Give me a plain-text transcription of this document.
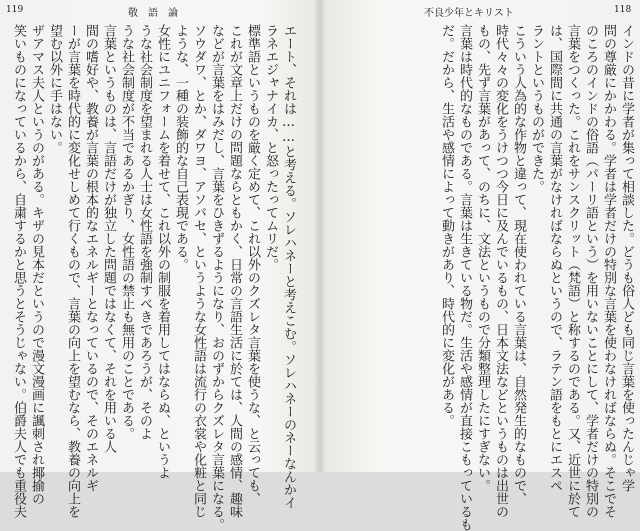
119	敬　語　論
エート、それは……と考える。ソレハネーと考えこむ。ソレハネーのネーなんかイ
ラネエジャナイカ、と怒ったってムリだ。
標準語というものを厳く定めて、これ以外のクズレタ言葉を使うな、と云っても、
これが文章上だけの問題ならともかく、日常の言語生活に於ては、人間の感情、趣味
などが言葉をはみだし、言葉をひきずるようになり、おのずからクズレタ言葉になる。
ソウダワ、とか、ダワヨ、アソバセ、というような女性語は流行の衣裳や化粧と同じ
ような、一種の装飾的な自己表現である。
女性にユニフォームを着せて、これ以外の制服を着用してはならぬ、というよ
うな社会制度を望まれる人士は女性語を強制すべきであろうが、そのよ
うな社会制度が不当であるかぎり、女性語の禁止も無用のことである。
言葉というものは、言語だけが独立した問題ではなくて、それを用いる人
間の嗜好や、教養が言葉の根本的なエネルギーとなっているので、そのエネルギ
ーが言葉を時代的に変化せしめて行くもので、言葉の向上を望むなら、教養の向上を
望む以外に手はない。
ザアマス夫人というのがある。キザの見本だというので漫文漫画に諷刺され揶揄の
笑いものになっているから、自粛するかと思うとそうじゃない。伯爵夫人でも重役夫
不良少年とキリスト	118
インドの昔に学者が集って相談した。どうも俗人ども同じ言葉を使ったんじゃ学
問の尊厳にかかわる。学者は学者だけの特別な言葉を使わなければならぬ。そこでそ
のころのインドの俗語（パーリ語という）を用いないことにして、学者だけの特別の
言葉をつくった。これをサンスクリット（梵語）と称するのである。又、近世に於て
は、国際間に共通の言葉がなければならぬというので、ラテン語をもとにエスペ
ラントというものができた。
こういう人為的な作物と違って、現在使われている言葉は、自然発生的なもので、
時代々々の変化をうけつつ今日に及んでいるもの、日本文法などというものは出世の
もの、先ず言葉があって、のちに、文法というもので分類整理したにすぎない。
言葉は時代的なものである。言葉は生きている物だ。生活や感情が直接こもっているも
だ。だから、生活や感情によって動きがあり、時代的に変化がある。
